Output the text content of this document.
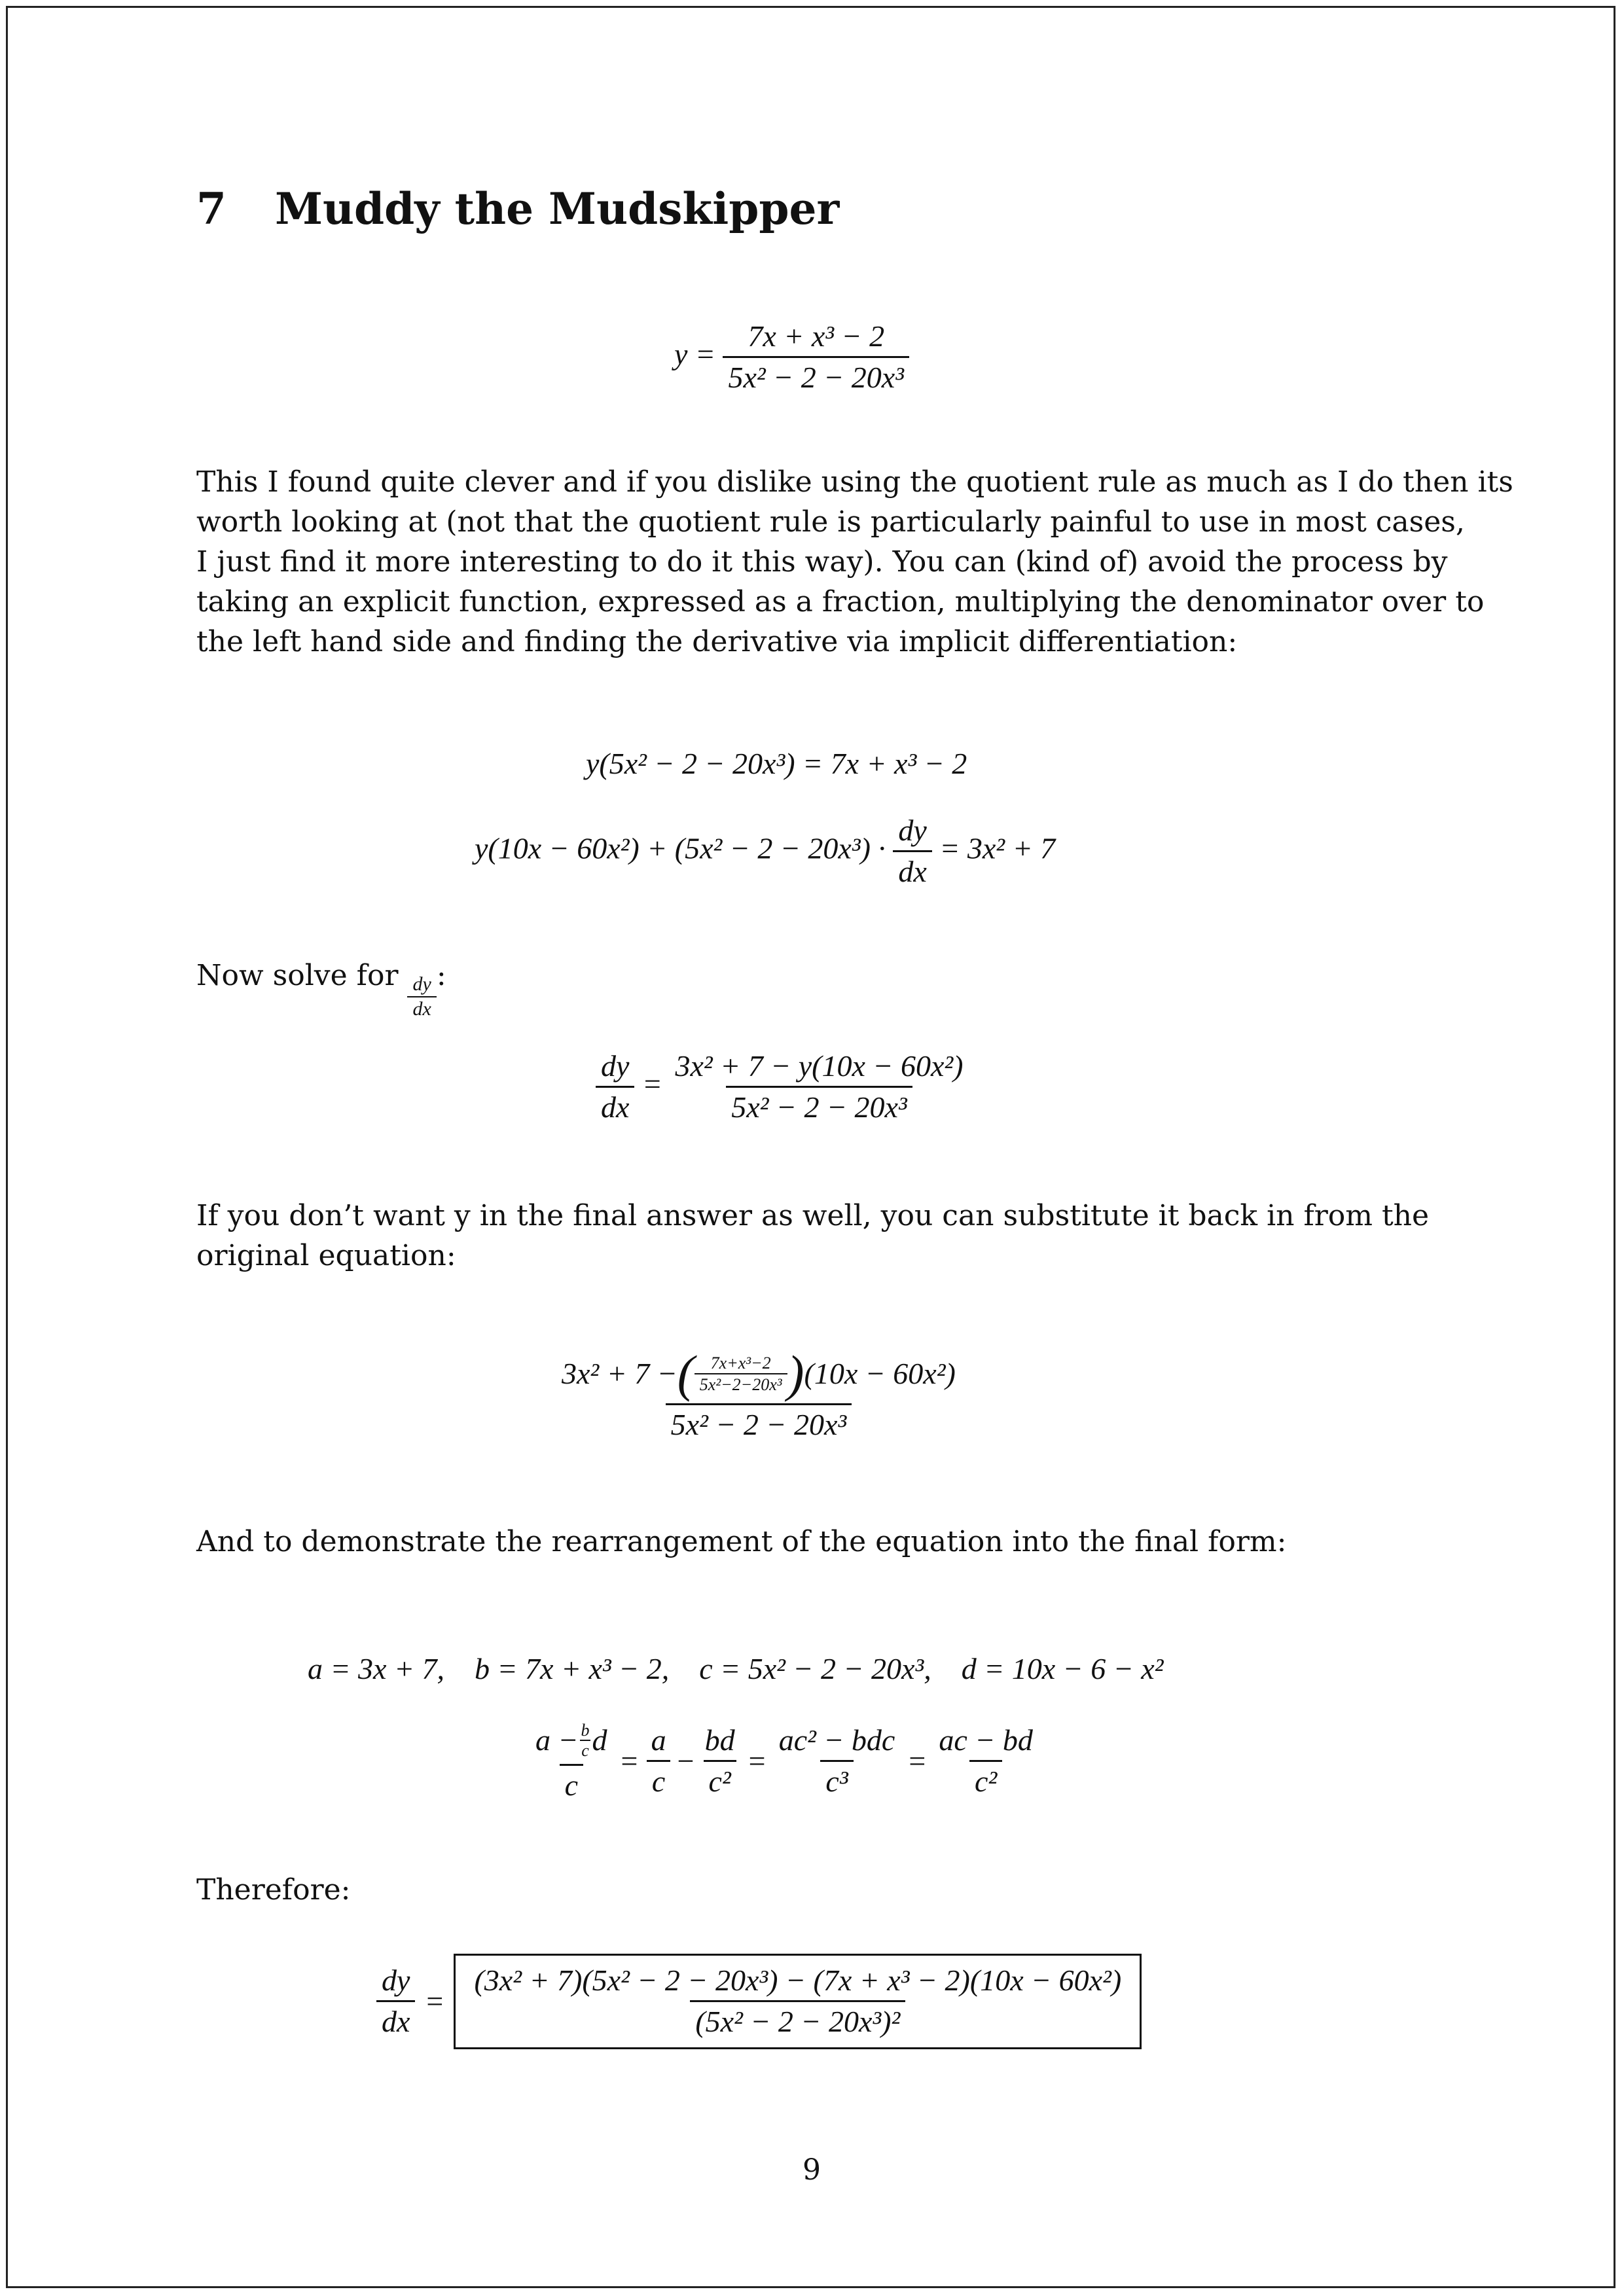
7 Muddy the Mudskipper
$y = \frac{\text{7x + x³ − 2}}{\text{5x² − 2 − 20x³}}$
This I found quite clever and if you dislike using the quotient rule as much as I do then its
worth looking at (not that the quotient rule is particularly painful to use in most cases,
I just find it more interesting to do it this way). You can (kind of) avoid the process by
taking an explicit function, expressed as a fraction, multiplying the denominator over to
the left hand side and finding the derivative via implicit differentiation:
y(5x² − 2 − 20x³) = 7x + x³ − 2
$y(10x - 60x^2) + (5x^2 - 2 - 20x^3) \cdot \frac{dy}{dx} = 3x^2 + 7$
Now solve for $\frac{dy}{dx}$ :
$\frac{dy}{dx} = \frac{\text{3x² + 7 − y(10x − 60x²)}}{\text{5x² − 2 − 20x³}}$
If you don’t want y in the final answer as well, you can substitute it back in from the
original equation:
3x² + 7 − ( $\frac{\text{7x+x³−2}}{\text{5x²−2−20x³}}$ ) (10x − 60x²)
5x² − 2 − 20x³
And to demonstrate the rearrangement of the equation into the final form:
a = 3x + 7,    b = 7x + x³ − 2,    c = 5x² − 2 − 20x³,    d = 10x − 6 − x²
$\frac{a - \frac{b}{c} d}{c} = \frac{a}{c} - \frac{bd}{\text{c²}} = \frac{\text{ac² − bdc}}{\text{c³}} = \frac{ac - bd}{\text{c²}}$
Therefore:
$\frac{dy}{dx} = \frac{\text{(3x² + 7)(5x² − 2 − 20x³) − (7x + x³ − 2)(10x − 60x²)}}{\text{(5x² − 2 − 20x³)²}}$
9
